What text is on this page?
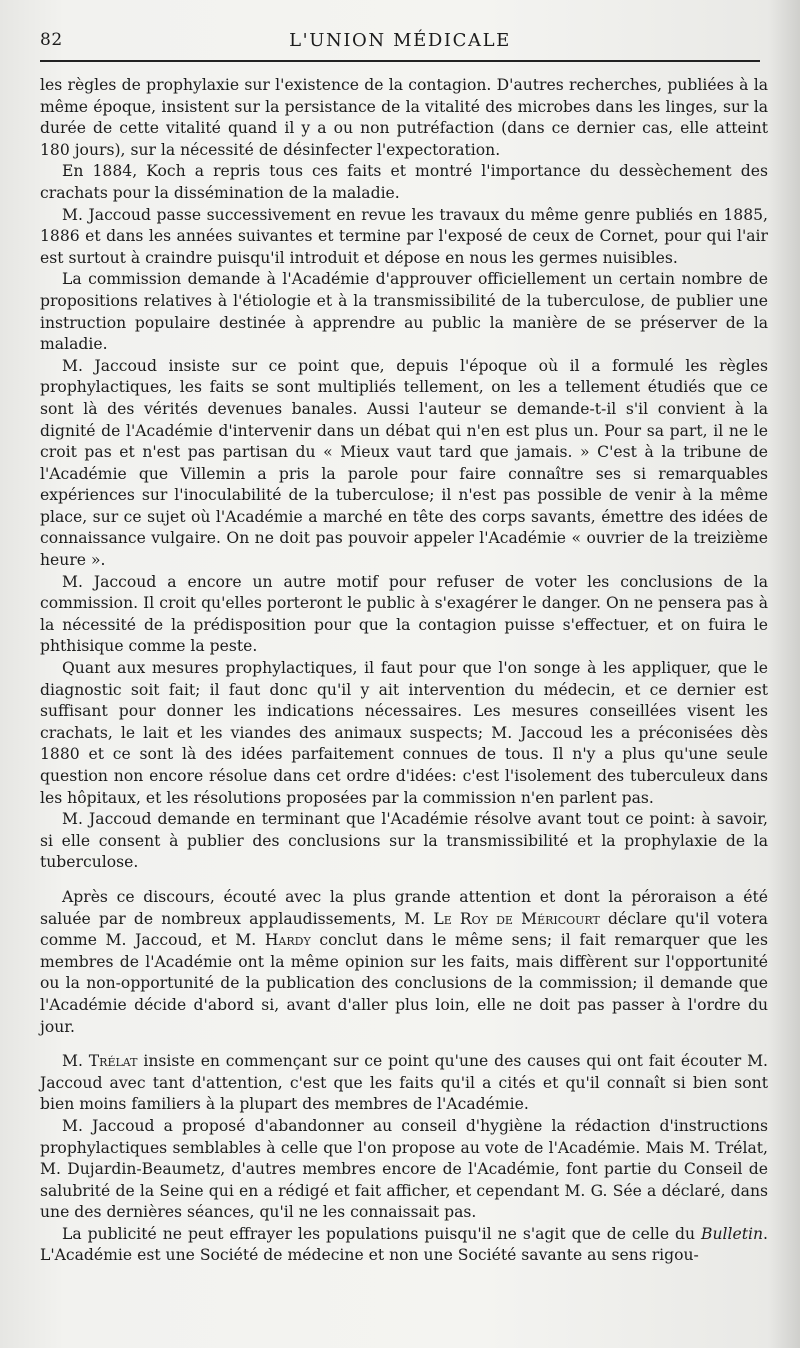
82	L'UNION MÉDICALE

les règles de prophylaxie sur l'existence de la contagion. D'autres recherches, publiées à la même époque, insistent sur la persistance de la vitalité des microbes dans les linges, sur la durée de cette vitalité quand il y a ou non putréfaction (dans ce dernier cas, elle atteint 180 jours), sur la nécessité de désinfecter l'expectoration.

En 1884, Koch a repris tous ces faits et montré l'importance du dessèchement des crachats pour la dissémination de la maladie.

M. Jaccoud passe successivement en revue les travaux du même genre publiés en 1885, 1886 et dans les années suivantes et termine par l'exposé de ceux de Cornet, pour qui l'air est surtout à craindre puisqu'il introduit et dépose en nous les germes nuisibles.

La commission demande à l'Académie d'approuver officiellement un certain nombre de propositions relatives à l'étiologie et à la transmissibilité de la tuberculose, de publier une instruction populaire destinée à apprendre au public la manière de se préserver de la maladie.

M. Jaccoud insiste sur ce point que, depuis l'époque où il a formulé les règles prophylactiques, les faits se sont multipliés tellement, on les a tellement étudiés que ce sont là des vérités devenues banales. Aussi l'auteur se demande-t-il s'il convient à la dignité de l'Académie d'intervenir dans un débat qui n'en est plus un. Pour sa part, il ne le croit pas et n'est pas partisan du « Mieux vaut tard que jamais. » C'est à la tribune de l'Académie que Villemin a pris la parole pour faire connaître ses si remarquables expériences sur l'inoculabilité de la tuberculose; il n'est pas possible de venir à la même place, sur ce sujet où l'Académie a marché en tête des corps savants, émettre des idées de connaissance vulgaire. On ne doit pas pouvoir appeler l'Académie « ouvrier de la treizième heure ».

M. Jaccoud a encore un autre motif pour refuser de voter les conclusions de la commission. Il croit qu'elles porteront le public à s'exagérer le danger. On ne pensera pas à la nécessité de la prédisposition pour que la contagion puisse s'effectuer, et on fuira le phthisique comme la peste.

Quant aux mesures prophylactiques, il faut pour que l'on songe à les appliquer, que le diagnostic soit fait; il faut donc qu'il y ait intervention du médecin, et ce dernier est suffisant pour donner les indications nécessaires. Les mesures conseillées visent les crachats, le lait et les viandes des animaux suspects; M. Jaccoud les a préconisées dès 1880 et ce sont là des idées parfaitement connues de tous. Il n'y a plus qu'une seule question non encore résolue dans cet ordre d'idées: c'est l'isolement des tuberculeux dans les hôpitaux, et les résolutions proposées par la commission n'en parlent pas.

M. Jaccoud demande en terminant que l'Académie résolve avant tout ce point: à savoir, si elle consent à publier des conclusions sur la transmissibilité et la prophylaxie de la tuberculose.

Après ce discours, écouté avec la plus grande attention et dont la péroraison a été saluée par de nombreux applaudissements, M. Le Roy de Méricourt déclare qu'il votera comme M. Jaccoud, et M. Hardy conclut dans le même sens; il fait remarquer que les membres de l'Académie ont la même opinion sur les faits, mais diffèrent sur l'opportunité ou la non-opportunité de la publication des conclusions de la commission; il demande que l'Académie décide d'abord si, avant d'aller plus loin, elle ne doit pas passer à l'ordre du jour.

M. Trélat insiste en commençant sur ce point qu'une des causes qui ont fait écouter M. Jaccoud avec tant d'attention, c'est que les faits qu'il a cités et qu'il connaît si bien sont bien moins familiers à la plupart des membres de l'Académie.

M. Jaccoud a proposé d'abandonner au conseil d'hygiène la rédaction d'instructions prophylactiques semblables à celle que l'on propose au vote de l'Académie. Mais M. Trélat, M. Dujardin-Beaumetz, d'autres membres encore de l'Académie, font partie du Conseil de salubrité de la Seine qui en a rédigé et fait afficher, et cependant M. G. Sée a déclaré, dans une des dernières séances, qu'il ne les connaissait pas.

La publicité ne peut effrayer les populations puisqu'il ne s'agit que de celle du Bulletin. L'Académie est une Société de médecine et non une Société savante au sens rigou-
